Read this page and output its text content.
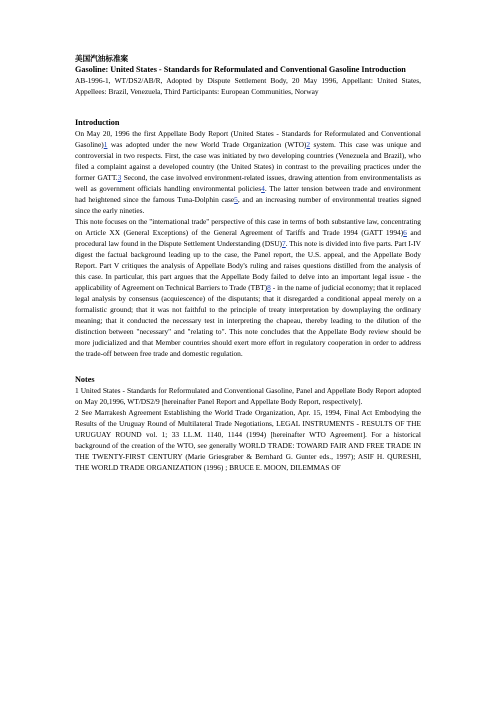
美国汽油标准案

Gasoline: United States - Standards for Reformulated and Conventional Gasoline Introduction

AB-1996-1, WT/DS2/AB/R, Adopted by Dispute Settlement Body, 20 May 1996, Appellant: United States, Appellees: Brazil, Venezuela, Third Participants: European Communities, Norway

Introduction

On May 20, 1996 the first Appellate Body Report (United States - Standards for Reformulated and Conventional Gasoline)1 was adopted under the new World Trade Organization (WTO)2 system. This case was unique and controversial in two respects. First, the case was initiated by two developing countries (Venezuela and Brazil), who filed a complaint against a developed country (the United States) in contrast to the prevailing practices under the former GATT.3 Second, the case involved environment-related issues, drawing attention from environmentalists as well as government officials handling environmental policies4. The latter tension between trade and environment had heightened since the famous Tuna-Dolphin case5, and an increasing number of environmental treaties signed since the early nineties.

This note focuses on the "international trade" perspective of this case in terms of both substantive law, concentrating on Article XX (General Exceptions) of the General Agreement of Tariffs and Trade 1994 (GATT 1994)6 and procedural law found in the Dispute Settlement Understanding (DSU)7. This note is divided into five parts. Part I-IV digest the factual background leading up to the case, the Panel report, the U.S. appeal, and the Appellate Body Report. Part V critiques the analysis of Appellate Body's ruling and raises questions distilled from the analysis of this case. In particular, this part argues that the Appellate Body failed to delve into an important legal issue - the applicability of Agreement on Technical Barriers to Trade (TBT)8 - in the name of judicial economy; that it replaced legal analysis by consensus (acquiescence) of the disputants; that it disregarded a conditional appeal merely on a formalistic ground; that it was not faithful to the principle of treaty interpretation by downplaying the ordinary meaning; that it conducted the necessary test in interpreting the chapeau, thereby leading to the dilution of the distinction between "necessary" and "relating to". This note concludes that the Appellate Body review should be more judicialized and that Member countries should exert more effort in regulatory cooperation in order to address the trade-off between free trade and domestic regulation.

Notes

1 United States - Standards for Reformulated and Conventional Gasoline, Panel and Appellate Body Report adopted on May 20,1996, WT/DS2/9 [hereinafter Panel Report and Appellate Body Report, respectively].

2 See Marrakesh Agreement Establishing the World Trade Organization, Apr. 15, 1994, Final Act Embodying the Results of the Uruguay Round of Multilateral Trade Negotiations, LEGAL INSTRUMENTS - RESULTS OF THE URUGUAY ROUND vol. 1; 33 I.L.M. 1140, 1144 (1994) [hereinafter WTO Agreement]. For a historical background of the creation of the WTO, see generally WORLD TRADE: TOWARD FAIR AND FREE TRADE IN THE TWENTY-FIRST CENTURY (Marie Griesgraber & Bernhard G. Gunter eds., 1997); ASIF H. QURESHI, THE WORLD TRADE ORGANIZATION (1996) ; BRUCE E. MOON, DILEMMAS OF
